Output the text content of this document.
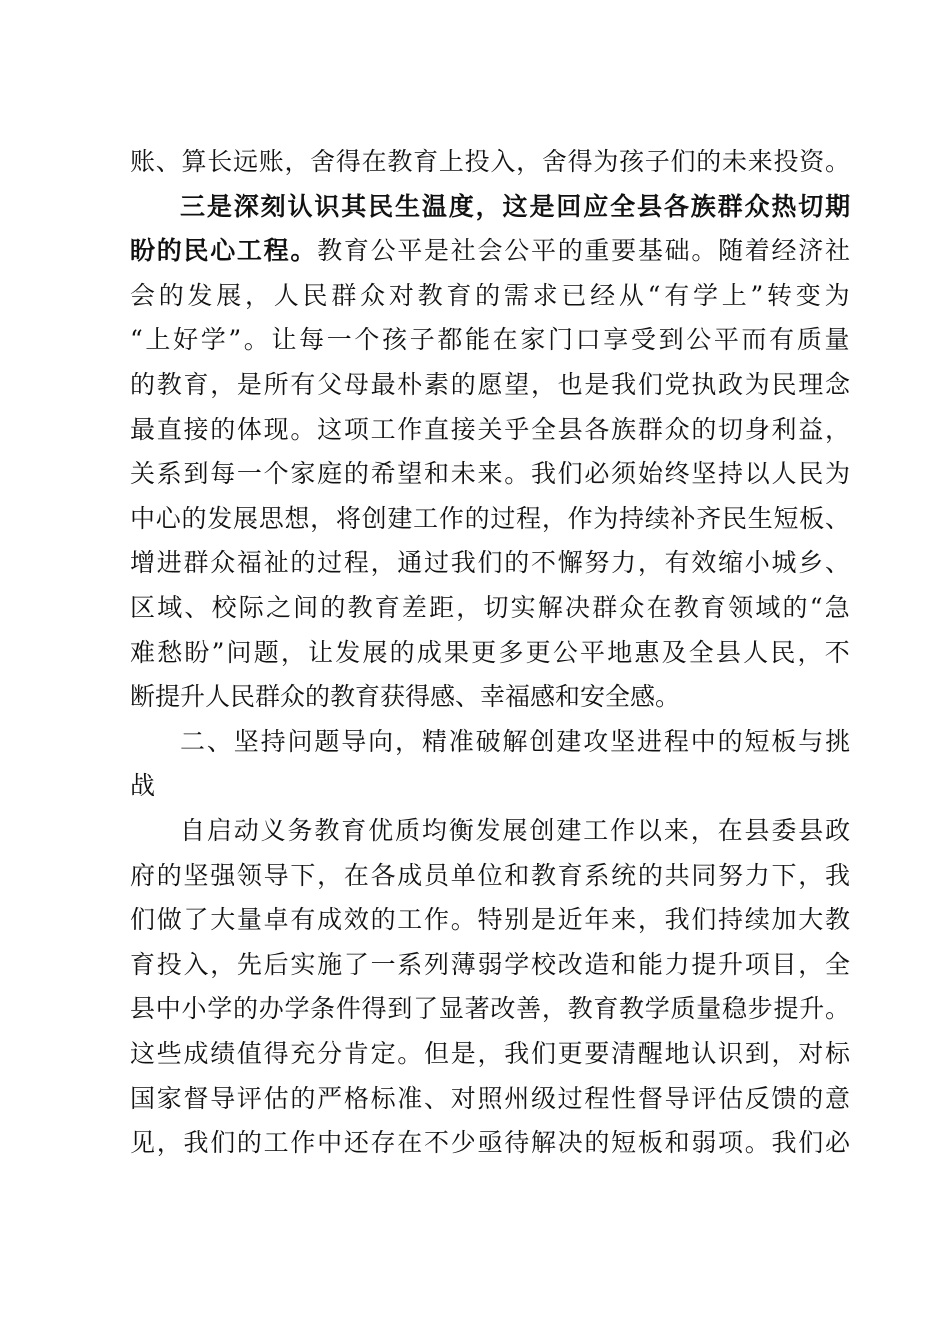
账、算长远账，舍得在教育上投入，舍得为孩子们的未来投资。
三是深刻认识其民生温度，这是回应全县各族群众热切期
盼的民心工程。教育公平是社会公平的重要基础。随着经济社
会的发展，人民群众对教育的需求已经从“有学上”转变为
“上好学”。让每一个孩子都能在家门口享受到公平而有质量
的教育，是所有父母最朴素的愿望，也是我们党执政为民理念
最直接的体现。这项工作直接关乎全县各族群众的切身利益，
关系到每一个家庭的希望和未来。我们必须始终坚持以人民为
中心的发展思想，将创建工作的过程，作为持续补齐民生短板、
增进群众福祉的过程，通过我们的不懈努力，有效缩小城乡、
区域、校际之间的教育差距，切实解决群众在教育领域的“急
难愁盼”问题，让发展的成果更多更公平地惠及全县人民，不
断提升人民群众的教育获得感、幸福感和安全感。
二、坚持问题导向，精准破解创建攻坚进程中的短板与挑
战
自启动义务教育优质均衡发展创建工作以来，在县委县政
府的坚强领导下，在各成员单位和教育系统的共同努力下，我
们做了大量卓有成效的工作。特别是近年来，我们持续加大教
育投入，先后实施了一系列薄弱学校改造和能力提升项目，全
县中小学的办学条件得到了显著改善，教育教学质量稳步提升。
这些成绩值得充分肯定。但是，我们更要清醒地认识到，对标
国家督导评估的严格标准、对照州级过程性督导评估反馈的意
见，我们的工作中还存在不少亟待解决的短板和弱项。我们必
